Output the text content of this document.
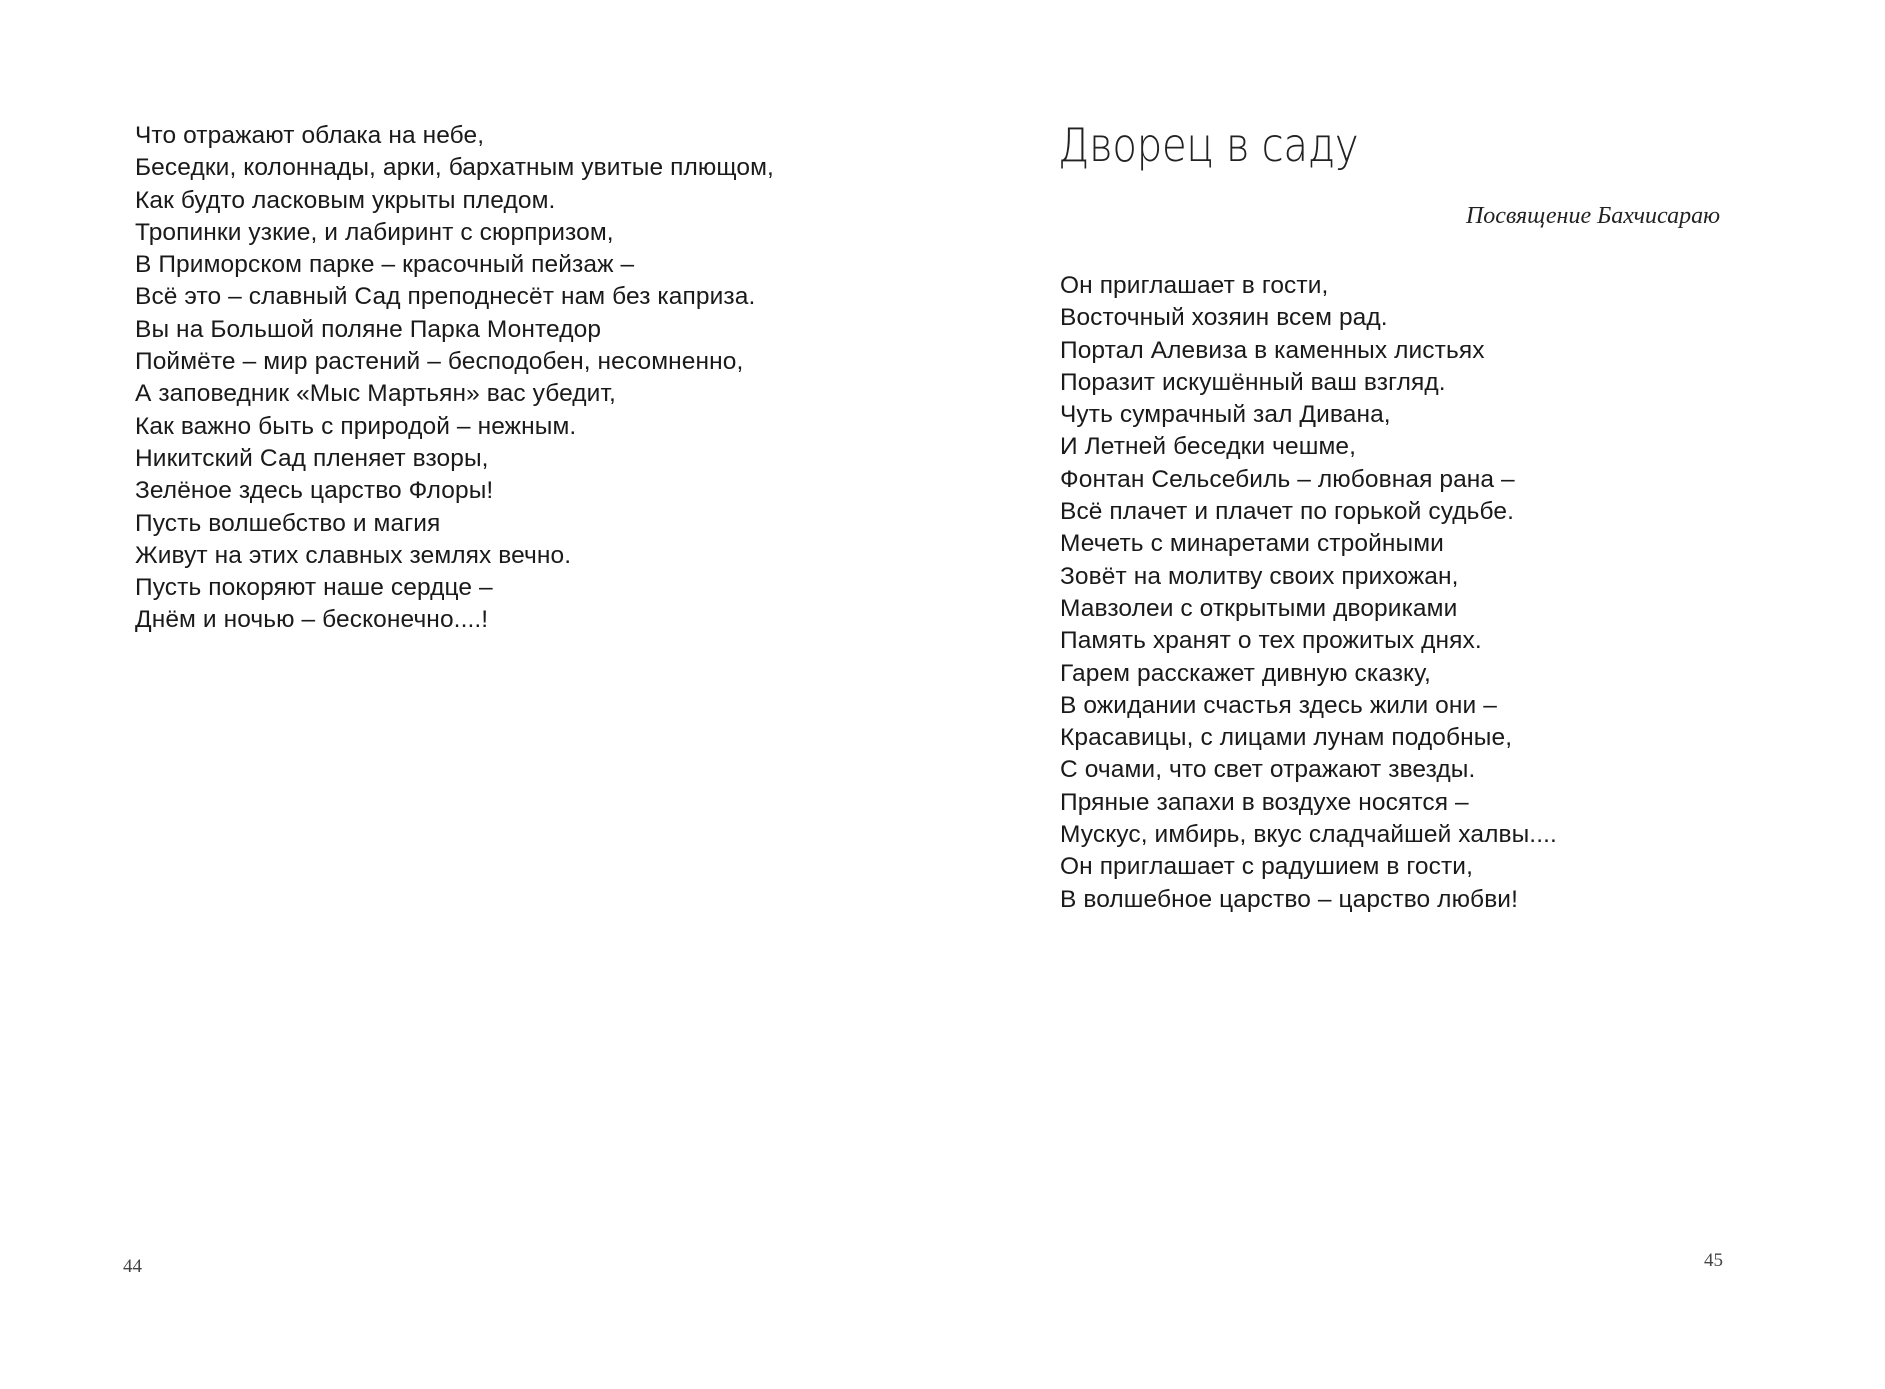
Что отражают облака на небе,
Беседки, колоннады, арки, бархатным увитые плющом,
Как будто ласковым укрыты пледом.
Тропинки узкие, и лабиринт с сюрпризом,
В Приморском парке – красочный пейзаж –
Всё это – славный Сад преподнесёт нам без каприза.
Вы на Большой поляне Парка Монтедор
Поймёте – мир растений – бесподобен, несомненно,
А заповедник «Мыс Мартьян» вас убедит,
Как важно быть с природой – нежным.
Никитский Сад пленяет взоры,
Зелёное здесь царство Флоры!
Пусть волшебство и магия
Живут на этих славных землях вечно.
Пусть покоряют наше сердце –
Днём и ночью – бесконечно....!
44
Дворец в саду

Посвящение Бахчисараю

Он приглашает в гости,
Восточный хозяин всем рад.
Портал Алевиза в каменных листьях
Поразит искушённый ваш взгляд.
Чуть сумрачный зал Дивана,
И Летней беседки чешме,
Фонтан Сельсебиль – любовная рана –
Всё плачет и плачет по горькой судьбе.
Мечеть с минаретами стройными
Зовёт на молитву своих прихожан,
Мавзолеи с открытыми двориками
Память хранят о тех прожитых днях.
Гарем расскажет дивную сказку,
В ожидании счастья здесь жили они –
Красавицы, с лицами лунам подобные,
С очами, что свет отражают звезды.
Пряные запахи в воздухе носятся –
Мускус, имбирь, вкус сладчайшей халвы....
Он приглашает с радушием в гости,
В волшебное царство – царство любви!
45
